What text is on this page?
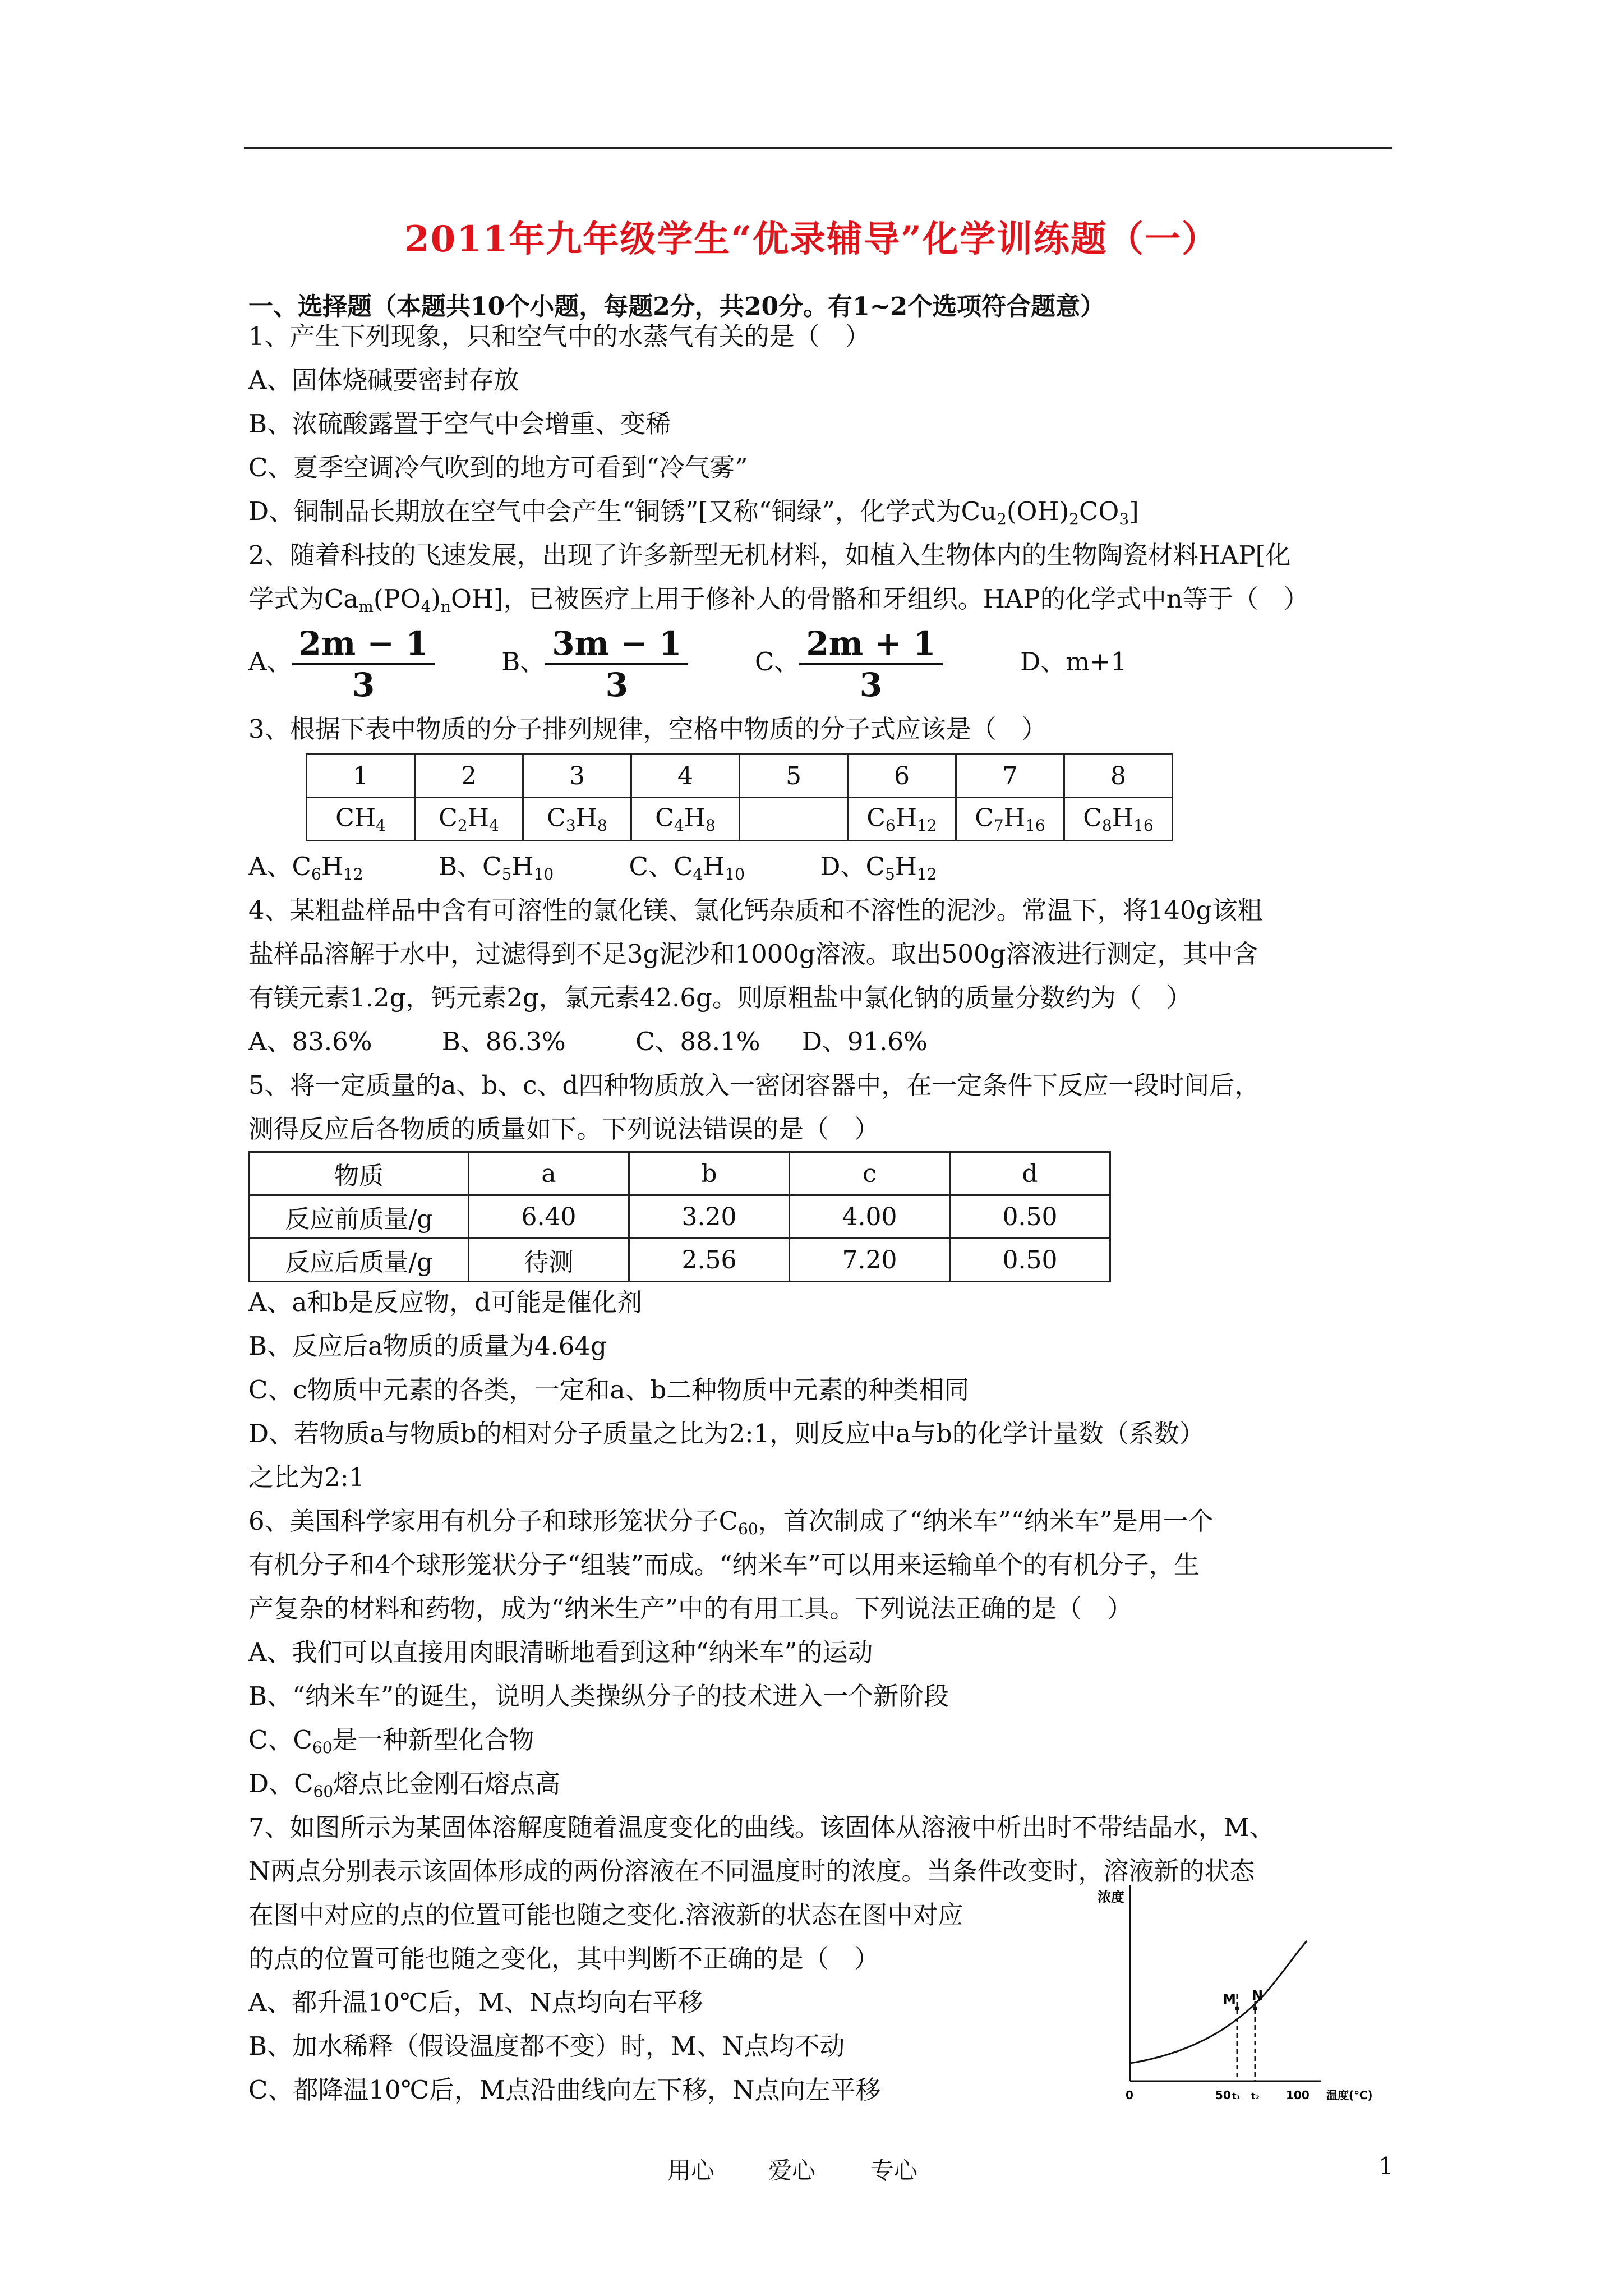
2011年九年级学生“优录辅导”化学训练题（一）
一、选择题（本题共10个小题，每题2分，共20分。有1~2个选项符合题意）
1、产生下列现象，只和空气中的水蒸气有关的是（　）
A、固体烧碱要密封存放
B、浓硫酸露置于空气中会增重、变稀
C、夏季空调冷气吹到的地方可看到“冷气雾”
D、铜制品长期放在空气中会产生“铜锈”[又称“铜绿”，化学式为$Cu_2(OH)_2CO_3$]
2、随着科技的飞速发展，出现了许多新型无机材料，如植入生物体内的生物陶瓷材料HAP[化
学式为$Ca_m(PO_4)_nOH$]，已被医疗上用于修补人的骨骼和牙组织。HAP的化学式中n等于（　）
A、 $\frac{2m - 1}{3}$	B、 $\frac{3m - 1}{3}$	C、 $\frac{2m + 1}{3}$	D、m+1
3、根据下表中物质的分子排列规律，空格中物质的分子式应该是（　）
1	2	3	4	5	6	7	8
$CH_4$	$C_2H_4$	$C_3H_8$	$C_4H_8$		$C_6H_{12}$	$C_7H_{16}$	$C_8H_{16}$
A、$C_6H_{12}$	B、$C_5H_{10}$	C、$C_4H_{10}$	D、$C_5H_{12}$
4、某粗盐样品中含有可溶性的氯化镁、氯化钙杂质和不溶性的泥沙。常温下，将140g该粗
盐样品溶解于水中，过滤得到不足3g泥沙和1000g溶液。取出500g溶液进行测定，其中含
有镁元素1.2g，钙元素2g，氯元素42.6g。则原粗盐中氯化钠的质量分数约为（　）
A、83.6%	B、86.3%	C、88.1% D、91.6%
5、将一定质量的a、b、c、d四种物质放入一密闭容器中，在一定条件下反应一段时间后，
测得反应后各物质的质量如下。下列说法错误的是（　）
物质	a	b	c	d
反应前质量/g	6.40	3.20	4.00	0.50
反应后质量/g	待测	2.56	7.20	0.50
A、a和b是反应物，d可能是催化剂
B、反应后a物质的质量为4.64g
C、c物质中元素的各类，一定和a、b二种物质中元素的种类相同
D、若物质a与物质b的相对分子质量之比为2:1，则反应中a与b的化学计量数（系数）
之比为2:1
6、美国科学家用有机分子和球形笼状分子$C_{60}$，首次制成了“纳米车”“纳米车”是用一个
有机分子和4个球形笼状分子“组装”而成。“纳米车”可以用来运输单个的有机分子，生
产复杂的材料和药物，成为“纳米生产”中的有用工具。下列说法正确的是（　）
A、我们可以直接用肉眼清晰地看到这种“纳米车”的运动
B、“纳米车”的诞生，说明人类操纵分子的技术进入一个新阶段
C、$C_{60}$是一种新型化合物
D、$C_{60}$熔点比金刚石熔点高
7、如图所示为某固体溶解度随着温度变化的曲线。该固体从溶液中析出时不带结晶水，M、
N两点分别表示该固体形成的两份溶液在不同温度时的浓度。当条件改变时，溶液新的状态
在图中对应的点的位置可能也随之变化.溶液新的状态在图中对应
的点的位置可能也随之变化，其中判断不正确的是（　）
A、都升温10℃后，M、N点均向右平移
B、加水稀释（假设温度都不变）时，M、N点均不动
C、都降温10℃后，M点沿曲线向左下移，N点向左平移
浓度
M N
0	50 t₁ t₂ 100 温度(℃)
用心 爱心 专心	1
